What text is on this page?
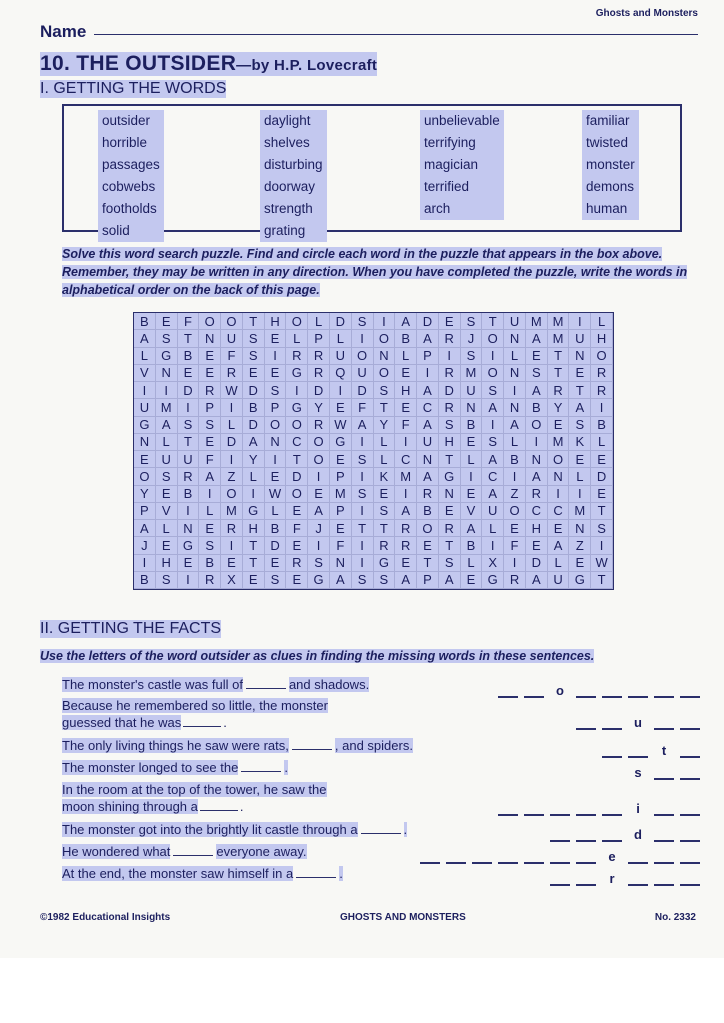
Ghosts and Monsters
Name
10. THE OUTSIDER—by H.P. Lovecraft
I. GETTING THE WORDS
outsider
horrible
passages
cobwebs
footholds
solid
daylight
shelves
disturbing
doorway
strength
grating
unbelievable
terrifying
magician
terrified
arch
familiar
twisted
monster
demons
human
Solve this word search puzzle. Find and circle each word in the puzzle that appears in the box above. Remember, they may be written in any direction. When you have completed the puzzle, write the words in alphabetical order on the back of this page.
B	E	F O O T	H O	L	D S	I	A D E	S	T	U M M	I	L
A	S	T	N U S	E	L	P	L	I	O B	A R	J	O N A M U H
L	G B	E	F	S	I	R R U O N	L	P	I	S	I	L	E	T	N O
V N E	E R E	E G R Q U O E	I	R M O N S	T	E R
I	I	D R W D S	I	D	I	D S H A D U S	I	A R	T	R
U M	I	P	I	B	P G Y	E	F	T	E C R N A N B	Y	A	I
G A	S	S	L	D O O R W A	Y	F	A	S	B	I	A O E	S	B
N	L	T	E D A N C O G	I	L	I	U H E	S	L	I	M K	L
E U U	F	I	Y	I	T O E	S	L	C N	T	L	A	B N O E	E
O S R A	Z	L	E D	I	P	I	K M A G	I	C	I	A N	L	D
Y	E	B	I	O	I	W O E M S	E	I	R N E	A	Z	R	I	I	E
P	V	I	L M G	L	E	A	P	I	S	A	B	E	V U O C C M T
A	L	N E R H B	F	J	E	T	T	R O R A	L	E H E N S
J	E G S	I	T	D E	I	F	I	R R E	T	B	I	F	E	A	Z	I
I	H E	B	E	T	E R S N	I	G E	T	S	L	X	I	D	L	E W
B	S	I	R X	E	S	E G A	S	S	A	P	A	E G R A U G T
II. GETTING THE FACTS
Use the letters of the word outsider as clues in finding the missing words in these sentences.
The monster's castle was full of	and shadows.	o
Because he remembered so little, the monster
guessed that he was	.	u
The only living things he saw were rats,	, and spiders.	t
The monster longed to see the	.	s
In the room at the top of the tower, he saw the
moon shining through a	.	i
The monster got into the brightly lit castle through a	.	d
He wondered what	everyone away.	e
At the end, the monster saw himself in a	.	r
©1982 Educational Insights	GHOSTS AND MONSTERS	No. 2332
